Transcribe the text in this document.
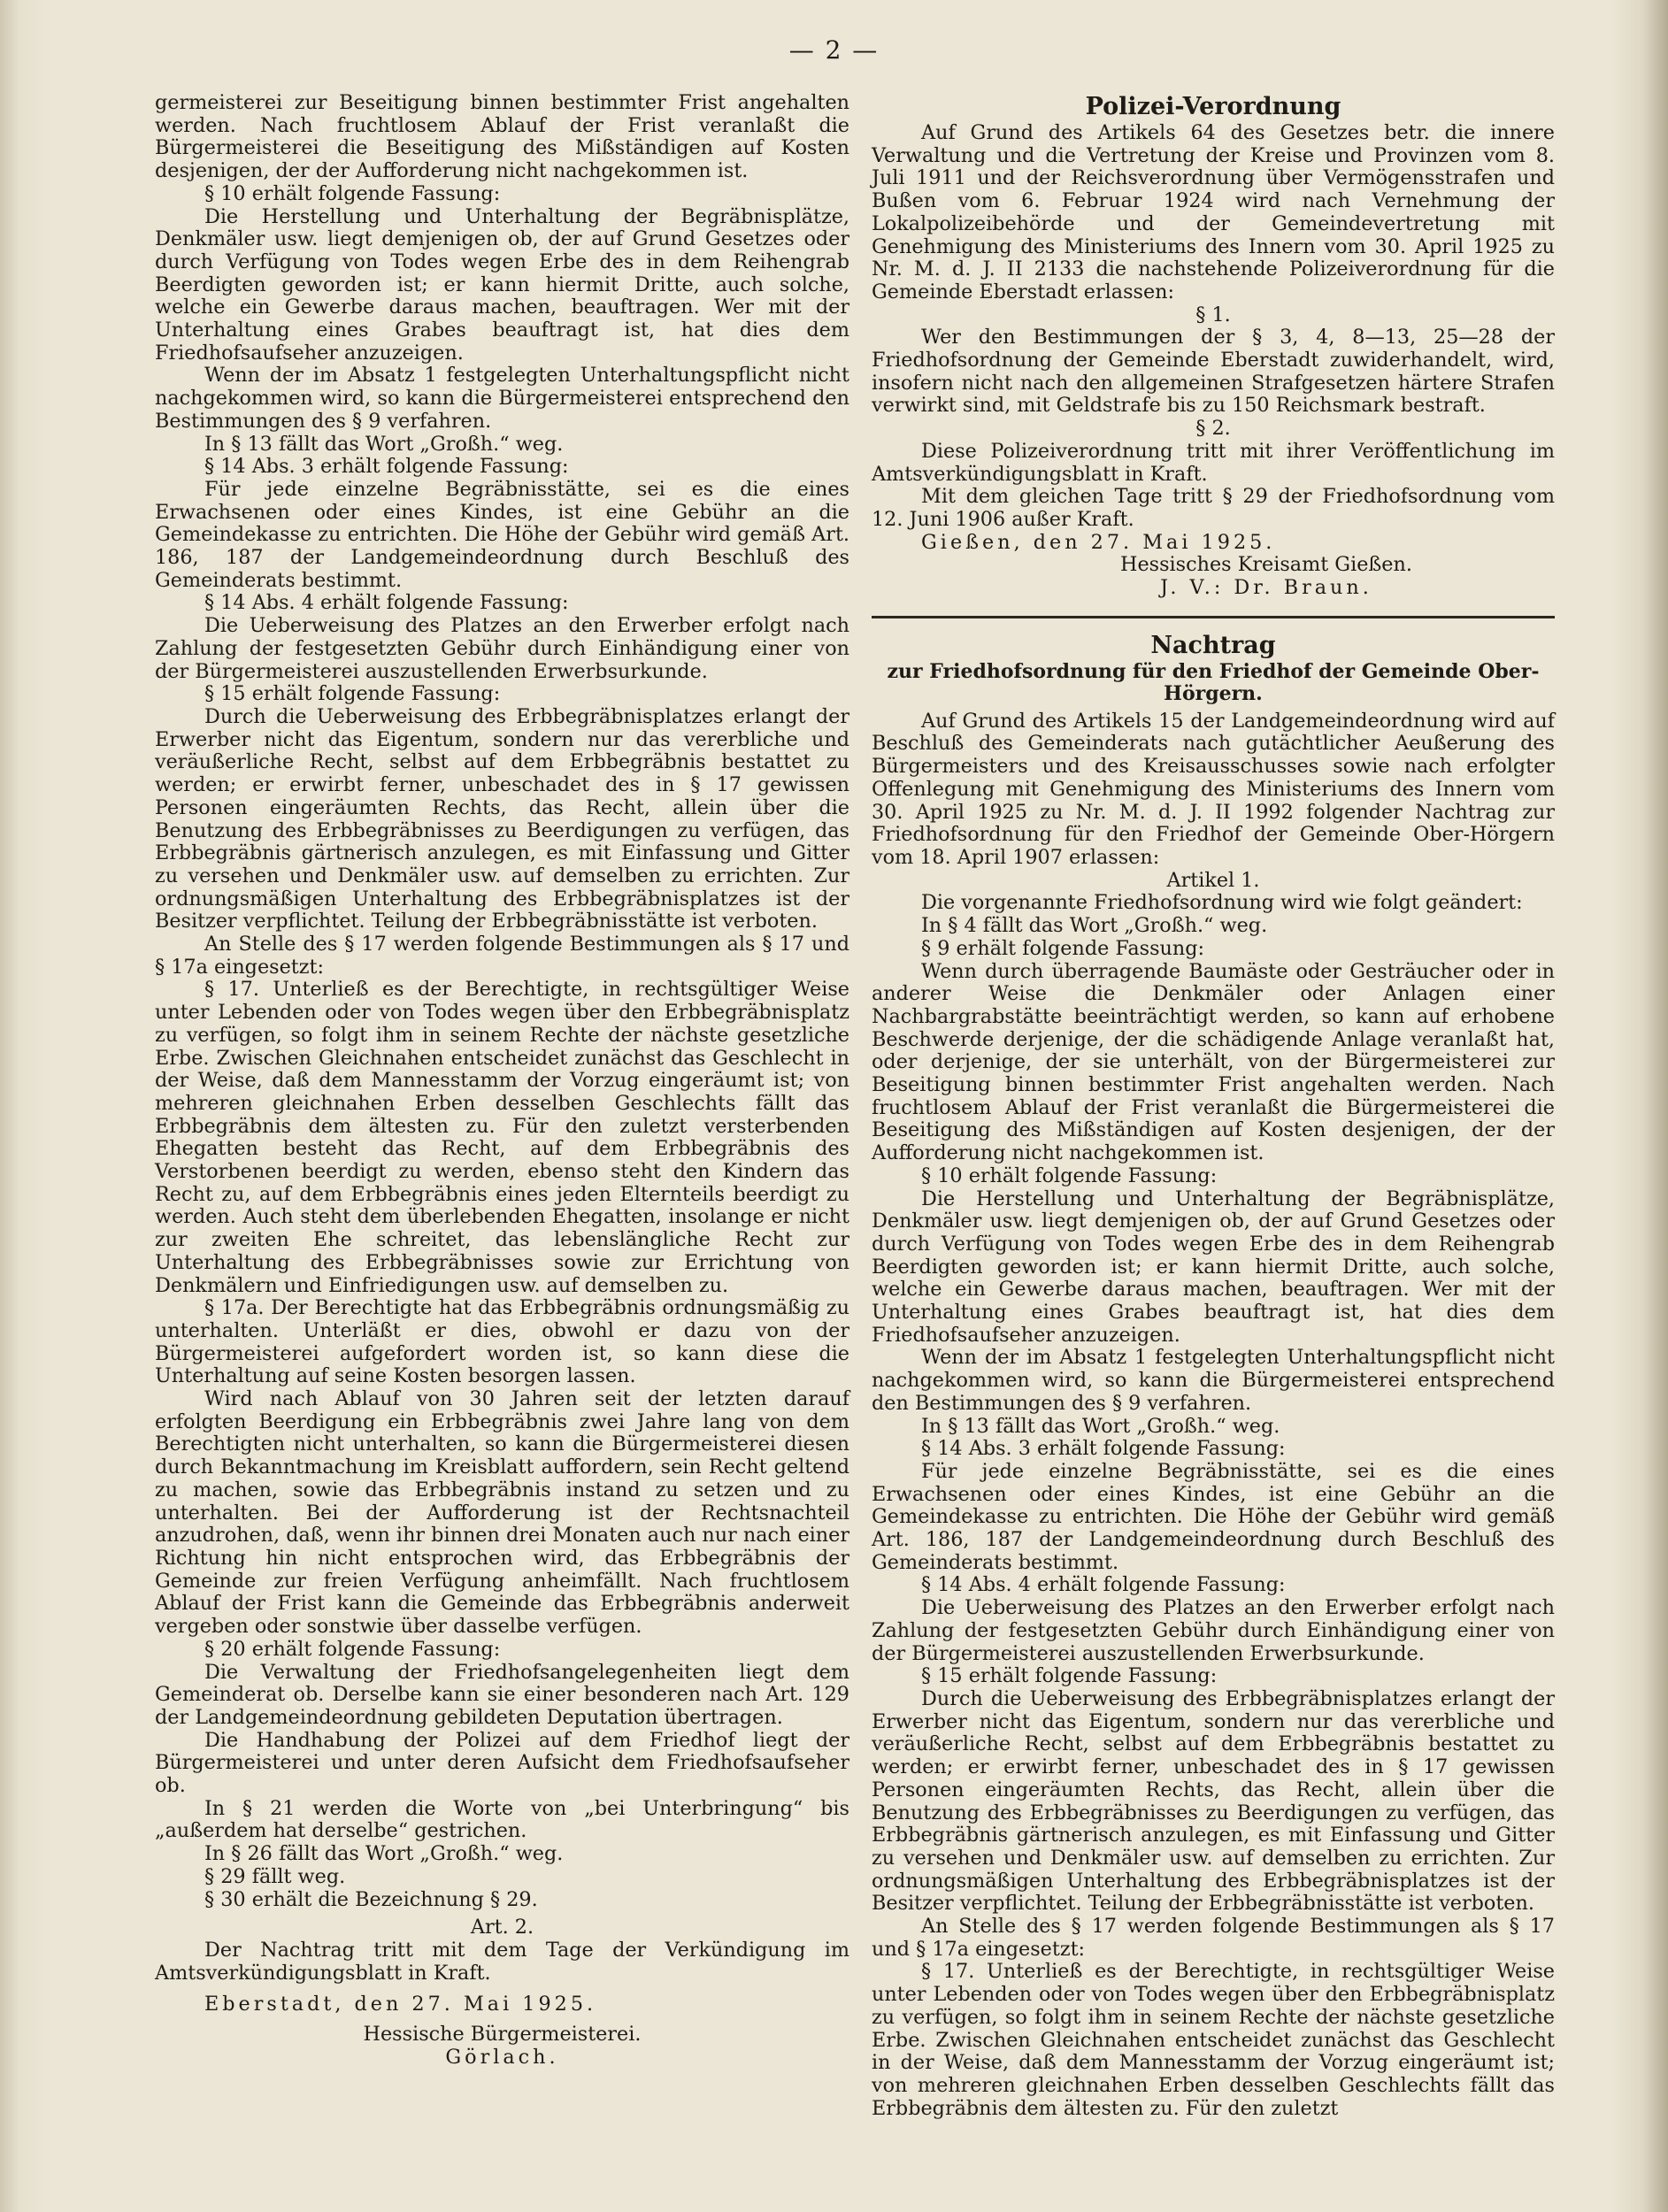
— 2 —

germeisterei zur Beseitigung binnen bestimmter Frist angehalten werden. Nach fruchtlosem Ablauf der Frist veranlaßt die Bürgermeisterei die Beseitigung des Mißständigen auf Kosten desjenigen, der der Aufforderung nicht nachgekommen ist.

§ 10 erhält folgende Fassung:

Die Herstellung und Unterhaltung der Begräbnisplätze, Denkmäler usw. liegt demjenigen ob, der auf Grund Gesetzes oder durch Verfügung von Todes wegen Erbe des in dem Reihengrab Beerdigten geworden ist; er kann hiermit Dritte, auch solche, welche ein Gewerbe daraus machen, beauftragen. Wer mit der Unterhaltung eines Grabes beauftragt ist, hat dies dem Friedhofsaufseher anzuzeigen.

Wenn der im Absatz 1 festgelegten Unterhaltungspflicht nicht nachgekommen wird, so kann die Bürgermeisterei entsprechend den Bestimmungen des § 9 verfahren.

In § 13 fällt das Wort „Großh.“ weg.

§ 14 Abs. 3 erhält folgende Fassung:

Für jede einzelne Begräbnisstätte, sei es die eines Erwachsenen oder eines Kindes, ist eine Gebühr an die Gemeindekasse zu entrichten. Die Höhe der Gebühr wird gemäß Art. 186, 187 der Landgemeindeordnung durch Beschluß des Gemeinderats bestimmt.

§ 14 Abs. 4 erhält folgende Fassung:

Die Ueberweisung des Platzes an den Erwerber erfolgt nach Zahlung der festgesetzten Gebühr durch Einhändigung einer von der Bürgermeisterei auszustellenden Erwerbsurkunde.

§ 15 erhält folgende Fassung:

Durch die Ueberweisung des Erbbegräbnisplatzes erlangt der Erwerber nicht das Eigentum, sondern nur das vererbliche und veräußerliche Recht, selbst auf dem Erbbegräbnis bestattet zu werden; er erwirbt ferner, unbeschadet des in § 17 gewissen Personen eingeräumten Rechts, das Recht, allein über die Benutzung des Erbbegräbnisses zu Beerdigungen zu verfügen, das Erbbegräbnis gärtnerisch anzulegen, es mit Einfassung und Gitter zu versehen und Denkmäler usw. auf demselben zu errichten. Zur ordnungsmäßigen Unterhaltung des Erbbegräbnisplatzes ist der Besitzer verpflichtet. Teilung der Erbbegräbnisstätte ist verboten.

An Stelle des § 17 werden folgende Bestimmungen als § 17 und § 17a eingesetzt:

§ 17. Unterließ es der Berechtigte, in rechtsgültiger Weise unter Lebenden oder von Todes wegen über den Erbbegräbnisplatz zu verfügen, so folgt ihm in seinem Rechte der nächste gesetzliche Erbe. Zwischen Gleichnahen entscheidet zunächst das Geschlecht in der Weise, daß dem Mannesstamm der Vorzug eingeräumt ist; von mehreren gleichnahen Erben desselben Geschlechts fällt das Erbbegräbnis dem ältesten zu. Für den zuletzt versterbenden Ehegatten besteht das Recht, auf dem Erbbegräbnis des Verstorbenen beerdigt zu werden, ebenso steht den Kindern das Recht zu, auf dem Erbbegräbnis eines jeden Elternteils beerdigt zu werden. Auch steht dem überlebenden Ehegatten, insolange er nicht zur zweiten Ehe schreitet, das lebenslängliche Recht zur Unterhaltung des Erbbegräbnisses sowie zur Errichtung von Denkmälern und Einfriedigungen usw. auf demselben zu.

§ 17a. Der Berechtigte hat das Erbbegräbnis ordnungsmäßig zu unterhalten. Unterläßt er dies, obwohl er dazu von der Bürgermeisterei aufgefordert worden ist, so kann diese die Unterhaltung auf seine Kosten besorgen lassen.

Wird nach Ablauf von 30 Jahren seit der letzten darauf erfolgten Beerdigung ein Erbbegräbnis zwei Jahre lang von dem Berechtigten nicht unterhalten, so kann die Bürgermeisterei diesen durch Bekanntmachung im Kreisblatt auffordern, sein Recht geltend zu machen, sowie das Erbbegräbnis instand zu setzen und zu unterhalten. Bei der Aufforderung ist der Rechtsnachteil anzudrohen, daß, wenn ihr binnen drei Monaten auch nur nach einer Richtung hin nicht entsprochen wird, das Erbbegräbnis der Gemeinde zur freien Verfügung anheimfällt. Nach fruchtlosem Ablauf der Frist kann die Gemeinde das Erbbegräbnis anderweit vergeben oder sonstwie über dasselbe verfügen.

§ 20 erhält folgende Fassung:

Die Verwaltung der Friedhofsangelegenheiten liegt dem Gemeinderat ob. Derselbe kann sie einer besonderen nach Art. 129 der Landgemeindeordnung gebildeten Deputation übertragen.

Die Handhabung der Polizei auf dem Friedhof liegt der Bürgermeisterei und unter deren Aufsicht dem Friedhofsaufseher ob.

In § 21 werden die Worte von „bei Unterbringung“ bis „außerdem hat derselbe“ gestrichen.

In § 26 fällt das Wort „Großh.“ weg.

§ 29 fällt weg.

§ 30 erhält die Bezeichnung § 29.

Art. 2.

Der Nachtrag tritt mit dem Tage der Verkündigung im Amtsverkündigungsblatt in Kraft.

Eberstadt, den 27. Mai 1925.

Hessische Bürgermeisterei.

Görlach.

Polizei-Verordnung

Auf Grund des Artikels 64 des Gesetzes betr. die innere Verwaltung und die Vertretung der Kreise und Provinzen vom 8. Juli 1911 und der Reichsverordnung über Vermögensstrafen und Bußen vom 6. Februar 1924 wird nach Vernehmung der Lokalpolizeibehörde und der Gemeindevertretung mit Genehmigung des Ministeriums des Innern vom 30. April 1925 zu Nr. M. d. J. II 2133 die nachstehende Polizeiverordnung für die Gemeinde Eberstadt erlassen:

§ 1.

Wer den Bestimmungen der § 3, 4, 8—13, 25—28 der Friedhofsordnung der Gemeinde Eberstadt zuwiderhandelt, wird, insofern nicht nach den allgemeinen Strafgesetzen härtere Strafen verwirkt sind, mit Geldstrafe bis zu 150 Reichsmark bestraft.

§ 2.

Diese Polizeiverordnung tritt mit ihrer Veröffentlichung im Amtsverkündigungsblatt in Kraft.

Mit dem gleichen Tage tritt § 29 der Friedhofsordnung vom 12. Juni 1906 außer Kraft.

Gießen, den 27. Mai 1925.

Hessisches Kreisamt Gießen.

J. V.: Dr. Braun.

Nachtrag

zur Friedhofsordnung für den Friedhof der Gemeinde Ober-Hörgern.

Auf Grund des Artikels 15 der Landgemeindeordnung wird auf Beschluß des Gemeinderats nach gutächtlicher Aeußerung des Bürgermeisters und des Kreisausschusses sowie nach erfolgter Offenlegung mit Genehmigung des Ministeriums des Innern vom 30. April 1925 zu Nr. M. d. J. II 1992 folgender Nachtrag zur Friedhofsordnung für den Friedhof der Gemeinde Ober-Hörgern vom 18. April 1907 erlassen:

Artikel 1.

Die vorgenannte Friedhofsordnung wird wie folgt geändert:

In § 4 fällt das Wort „Großh.“ weg.

§ 9 erhält folgende Fassung:

Wenn durch überragende Baumäste oder Gesträucher oder in anderer Weise die Denkmäler oder Anlagen einer Nachbargrabstätte beeinträchtigt werden, so kann auf erhobene Beschwerde derjenige, der die schädigende Anlage veranlaßt hat, oder derjenige, der sie unterhält, von der Bürgermeisterei zur Beseitigung binnen bestimmter Frist angehalten werden. Nach fruchtlosem Ablauf der Frist veranlaßt die Bürgermeisterei die Beseitigung des Mißständigen auf Kosten desjenigen, der der Aufforderung nicht nachgekommen ist.

§ 10 erhält folgende Fassung:

Die Herstellung und Unterhaltung der Begräbnisplätze, Denkmäler usw. liegt demjenigen ob, der auf Grund Gesetzes oder durch Verfügung von Todes wegen Erbe des in dem Reihengrab Beerdigten geworden ist; er kann hiermit Dritte, auch solche, welche ein Gewerbe daraus machen, beauftragen. Wer mit der Unterhaltung eines Grabes beauftragt ist, hat dies dem Friedhofsaufseher anzuzeigen.

Wenn der im Absatz 1 festgelegten Unterhaltungspflicht nicht nachgekommen wird, so kann die Bürgermeisterei entsprechend den Bestimmungen des § 9 verfahren.

In § 13 fällt das Wort „Großh.“ weg.

§ 14 Abs. 3 erhält folgende Fassung:

Für jede einzelne Begräbnisstätte, sei es die eines Erwachsenen oder eines Kindes, ist eine Gebühr an die Gemeindekasse zu entrichten. Die Höhe der Gebühr wird gemäß Art. 186, 187 der Landgemeindeordnung durch Beschluß des Gemeinderats bestimmt.

§ 14 Abs. 4 erhält folgende Fassung:

Die Ueberweisung des Platzes an den Erwerber erfolgt nach Zahlung der festgesetzten Gebühr durch Einhändigung einer von der Bürgermeisterei auszustellenden Erwerbsurkunde.

§ 15 erhält folgende Fassung:

Durch die Ueberweisung des Erbbegräbnisplatzes erlangt der Erwerber nicht das Eigentum, sondern nur das vererbliche und veräußerliche Recht, selbst auf dem Erbbegräbnis bestattet zu werden; er erwirbt ferner, unbeschadet des in § 17 gewissen Personen eingeräumten Rechts, das Recht, allein über die Benutzung des Erbbegräbnisses zu Beerdigungen zu verfügen, das Erbbegräbnis gärtnerisch anzulegen, es mit Einfassung und Gitter zu versehen und Denkmäler usw. auf demselben zu errichten. Zur ordnungsmäßigen Unterhaltung des Erbbegräbnisplatzes ist der Besitzer verpflichtet. Teilung der Erbbegräbnisstätte ist verboten.

An Stelle des § 17 werden folgende Bestimmungen als § 17 und § 17a eingesetzt:

§ 17. Unterließ es der Berechtigte, in rechtsgültiger Weise unter Lebenden oder von Todes wegen über den Erbbegräbnisplatz zu verfügen, so folgt ihm in seinem Rechte der nächste gesetzliche Erbe. Zwischen Gleichnahen entscheidet zunächst das Geschlecht in der Weise, daß dem Mannesstamm der Vorzug eingeräumt ist; von mehreren gleichnahen Erben desselben Geschlechts fällt das Erbbegräbnis dem ältesten zu. Für den zuletzt
